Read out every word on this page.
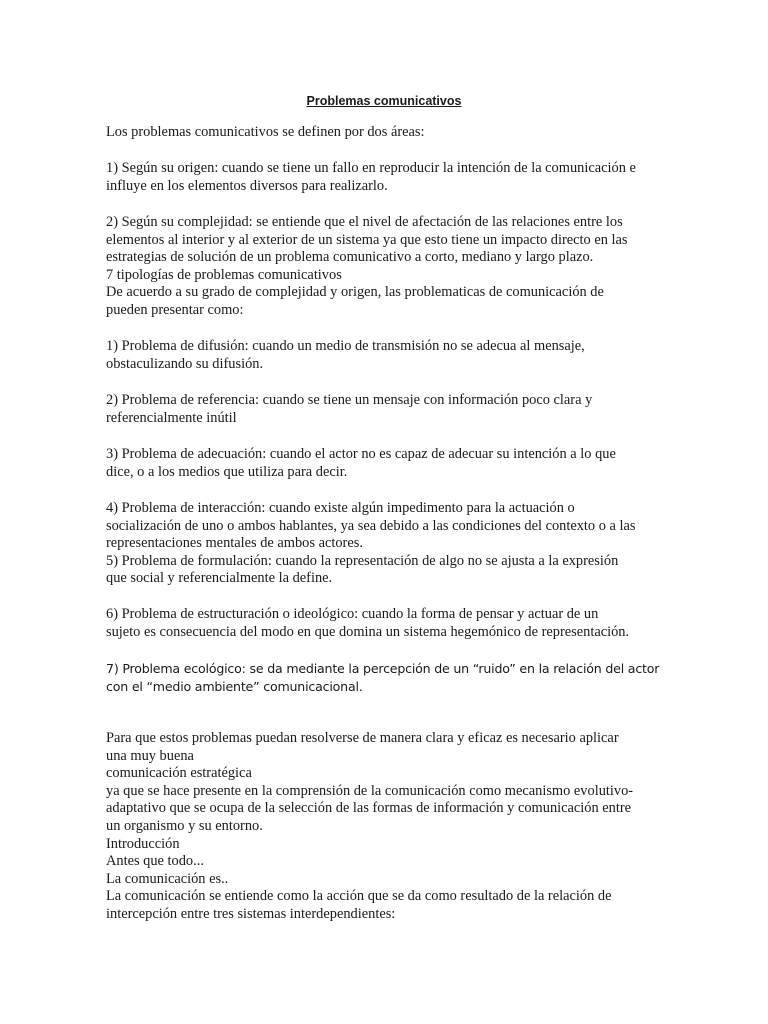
Problemas comunicativos

Los problemas comunicativos se definen por dos áreas:

1) Según su origen: cuando se tiene un fallo en reproducir la intención de la comunicación e
influye en los elementos diversos para realizarlo.

2) Según su complejidad: se entiende que el nivel de afectación de las relaciones entre los
elementos al interior y al exterior de un sistema ya que esto tiene un impacto directo en las
estrategias de solución de un problema comunicativo a corto, mediano y largo plazo.
7 tipologías de problemas comunicativos
De acuerdo a su grado de complejidad y origen, las problematicas de comunicación de
pueden presentar como:

1) Problema de difusión: cuando un medio de transmisión no se adecua al mensaje,
obstaculizando su difusión.

2) Problema de referencia: cuando se tiene un mensaje con información poco clara y
referencialmente inútil

3) Problema de adecuación: cuando el actor no es capaz de adecuar su intención a lo que
dice, o a los medios que utiliza para decir.

4) Problema de interacción: cuando existe algún impedimento para la actuación o
socialización de uno o ambos hablantes, ya sea debido a las condiciones del contexto o a las
representaciones mentales de ambos actores.
5) Problema de formulación: cuando la representación de algo no se ajusta a la expresión
que social y referencialmente la define.

6) Problema de estructuración o ideológico: cuando la forma de pensar y actuar de un
sujeto es consecuencia del modo en que domina un sistema hegemónico de representación.

7) Problema ecológico: se da mediante la percepción de un “ruido” en la relación del actor
con el “medio ambiente” comunicacional.

Para que estos problemas puedan resolverse de manera clara y eficaz es necesario aplicar
una muy buena
comunicación estratégica
ya que se hace presente en la comprensión de la comunicación como mecanismo evolutivo-
adaptativo que se ocupa de la selección de las formas de información y comunicación entre
un organismo y su entorno.
Introducción
Antes que todo...
La comunicación es..
La comunicación se entiende como la acción que se da como resultado de la relación de
intercepción entre tres sistemas interdependientes:
